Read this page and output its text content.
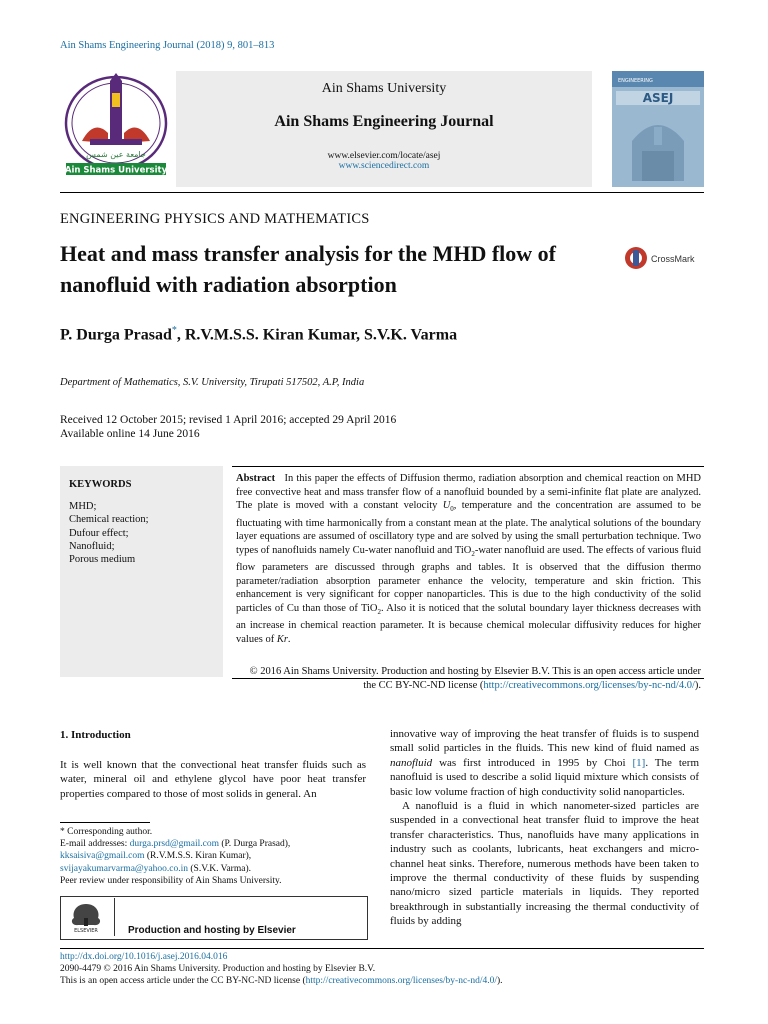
Ain Shams Engineering Journal (2018) 9, 801–813
جامعة عين شمس
Ain Shams University
Ain Shams University
Ain Shams Engineering Journal
www.elsevier.com/locate/asej
www.sciencedirect.com
ENGINEERING
ASEJ
ENGINEERING PHYSICS AND MATHEMATICS
Heat and mass transfer analysis for the MHD flow of nanofluid with radiation absorption
CrossMark
P. Durga Prasad*, R.V.M.S.S. Kiran Kumar, S.V.K. Varma
Department of Mathematics, S.V. University, Tirupati 517502, A.P, India
Received 12 October 2015; revised 1 April 2016; accepted 29 April 2016
Available online 14 June 2016
KEYWORDS
MHD;
Chemical reaction;
Dufour effect;
Nanofluid;
Porous medium
Abstract In this paper the effects of Diffusion thermo, radiation absorption and chemical reaction on MHD free convective heat and mass transfer flow of a nanofluid bounded by a semi-infinite flat plate are analyzed. The plate is moved with a constant velocity $U_0$, temperature and the concentration are assumed to be fluctuating with time harmonically from a constant mean at the plate. The analytical solutions of the boundary layer equations are assumed of oscillatory type and are solved by using the small perturbation technique. Two types of nanofluids namely Cu-water nanofluid and TiO$_2$-water nanofluid are used. The effects of various fluid flow parameters are discussed through graphs and tables. It is observed that the diffusion thermo parameter/radiation absorption parameter enhance the velocity, temperature and skin friction. This enhancement is very significant for copper nanoparticles. This is due to the high conductivity of the solid particles of Cu than those of TiO$_2$. Also it is noticed that the solutal boundary layer thickness decreases with an increase in chemical reaction parameter. It is because chemical molecular diffusivity reduces for higher values of Kr.
© 2016 Ain Shams University. Production and hosting by Elsevier B.V. This is an open access article under the CC BY-NC-ND license (http://creativecommons.org/licenses/by-nc-nd/4.0/).
1. Introduction
It is well known that the convectional heat transfer fluids such as water, mineral oil and ethylene glycol have poor heat transfer properties compared to those of most solids in general. An
innovative way of improving the heat transfer of fluids is to suspend small solid particles in the fluids. This new kind of fluid named as nanofluid was first introduced in 1995 by Choi [1]. The term nanofluid is used to describe a solid liquid mixture which consists of basic low volume fraction of high conductivity solid nanoparticles.
A nanofluid is a fluid in which nanometer-sized particles are suspended in a convectional heat transfer fluid to improve the heat transfer characteristics. Thus, nanofluids have many applications in industry such as coolants, lubricants, heat exchangers and micro-channel heat sinks. Therefore, numerous methods have been taken to improve the thermal conductivity of these fluids by suspending nano/micro sized particle materials in liquids. They reported breakthrough in substantially increasing the thermal conductivity of fluids by adding
* Corresponding author.
E-mail addresses: durga.prsd@gmail.com (P. Durga Prasad), kksaisiva@gmail.com (R.V.M.S.S. Kiran Kumar), svijayakumarvarma@yahoo.co.in (S.V.K. Varma).
Peer review under responsibility of Ain Shams University.
ELSEVIER	Production and hosting by Elsevier
http://dx.doi.org/10.1016/j.asej.2016.04.016
2090-4479 © 2016 Ain Shams University. Production and hosting by Elsevier B.V.
This is an open access article under the CC BY-NC-ND license (http://creativecommons.org/licenses/by-nc-nd/4.0/).
